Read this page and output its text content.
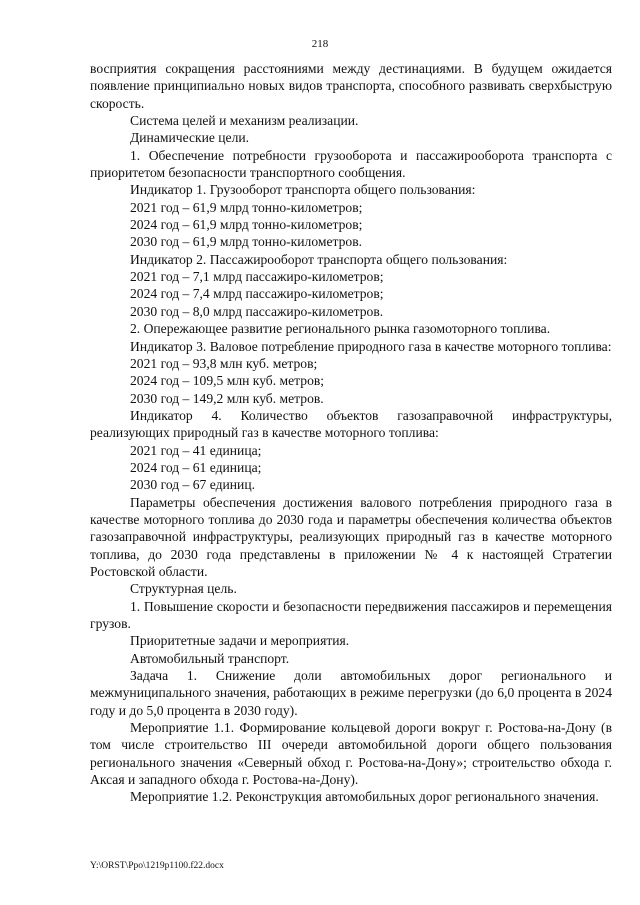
218

восприятия сокращения расстояниями между дестинациями. В будущем ожидается появление принципиально новых видов транспорта, способного развивать сверхбыструю скорость.

Система целей и механизм реализации.

Динамические цели.

1. Обеспечение потребности грузооборота и пассажирооборота транспорта с приоритетом безопасности транспортного сообщения.

Индикатор 1. Грузооборот транспорта общего пользования:

2021 год – 61,9 млрд тонно-километров;

2024 год – 61,9 млрд тонно-километров;

2030 год – 61,9 млрд тонно-километров.

Индикатор 2. Пассажирооборот транспорта общего пользования:

2021 год – 7,1 млрд пассажиро-километров;

2024 год – 7,4 млрд пассажиро-километров;

2030 год – 8,0 млрд пассажиро-километров.

2. Опережающее развитие регионального рынка газомоторного топлива.

Индикатор 3. Валовое потребление природного газа в качестве моторного топлива:

2021 год – 93,8 млн куб. метров;

2024 год – 109,5 млн куб. метров;

2030 год – 149,2 млн куб. метров.

Индикатор 4. Количество объектов газозаправочной инфраструктуры, реализующих природный газ в качестве моторного топлива:

2021 год – 41 единица;

2024 год – 61 единица;

2030 год – 67 единиц.

Параметры обеспечения достижения валового потребления природного газа в качестве моторного топлива до 2030 года и параметры обеспечения количества объектов газозаправочной инфраструктуры, реализующих природный газ в качестве моторного топлива, до 2030 года представлены в приложении № 4 к настоящей Стратегии Ростовской области.

Структурная цель.

1. Повышение скорости и безопасности передвижения пассажиров и перемещения грузов.

Приоритетные задачи и мероприятия.

Автомобильный транспорт.

Задача 1. Снижение доли автомобильных дорог регионального и межмуниципального значения, работающих в режиме перегрузки (до 6,0 процента в 2024 году и до 5,0 процента в 2030 году).

Мероприятие 1.1. Формирование кольцевой дороги вокруг г. Ростова-на-Дону (в том числе строительство III очереди автомобильной дороги общего пользования регионального значения «Северный обход г. Ростова-на-Дону»; строительство обхода г. Аксая и западного обхода г. Ростова-на-Дону).

Мероприятие 1.2. Реконструкция автомобильных дорог регионального значения.

Y:\ORST\Ppo\1219p1100.f22.docx
